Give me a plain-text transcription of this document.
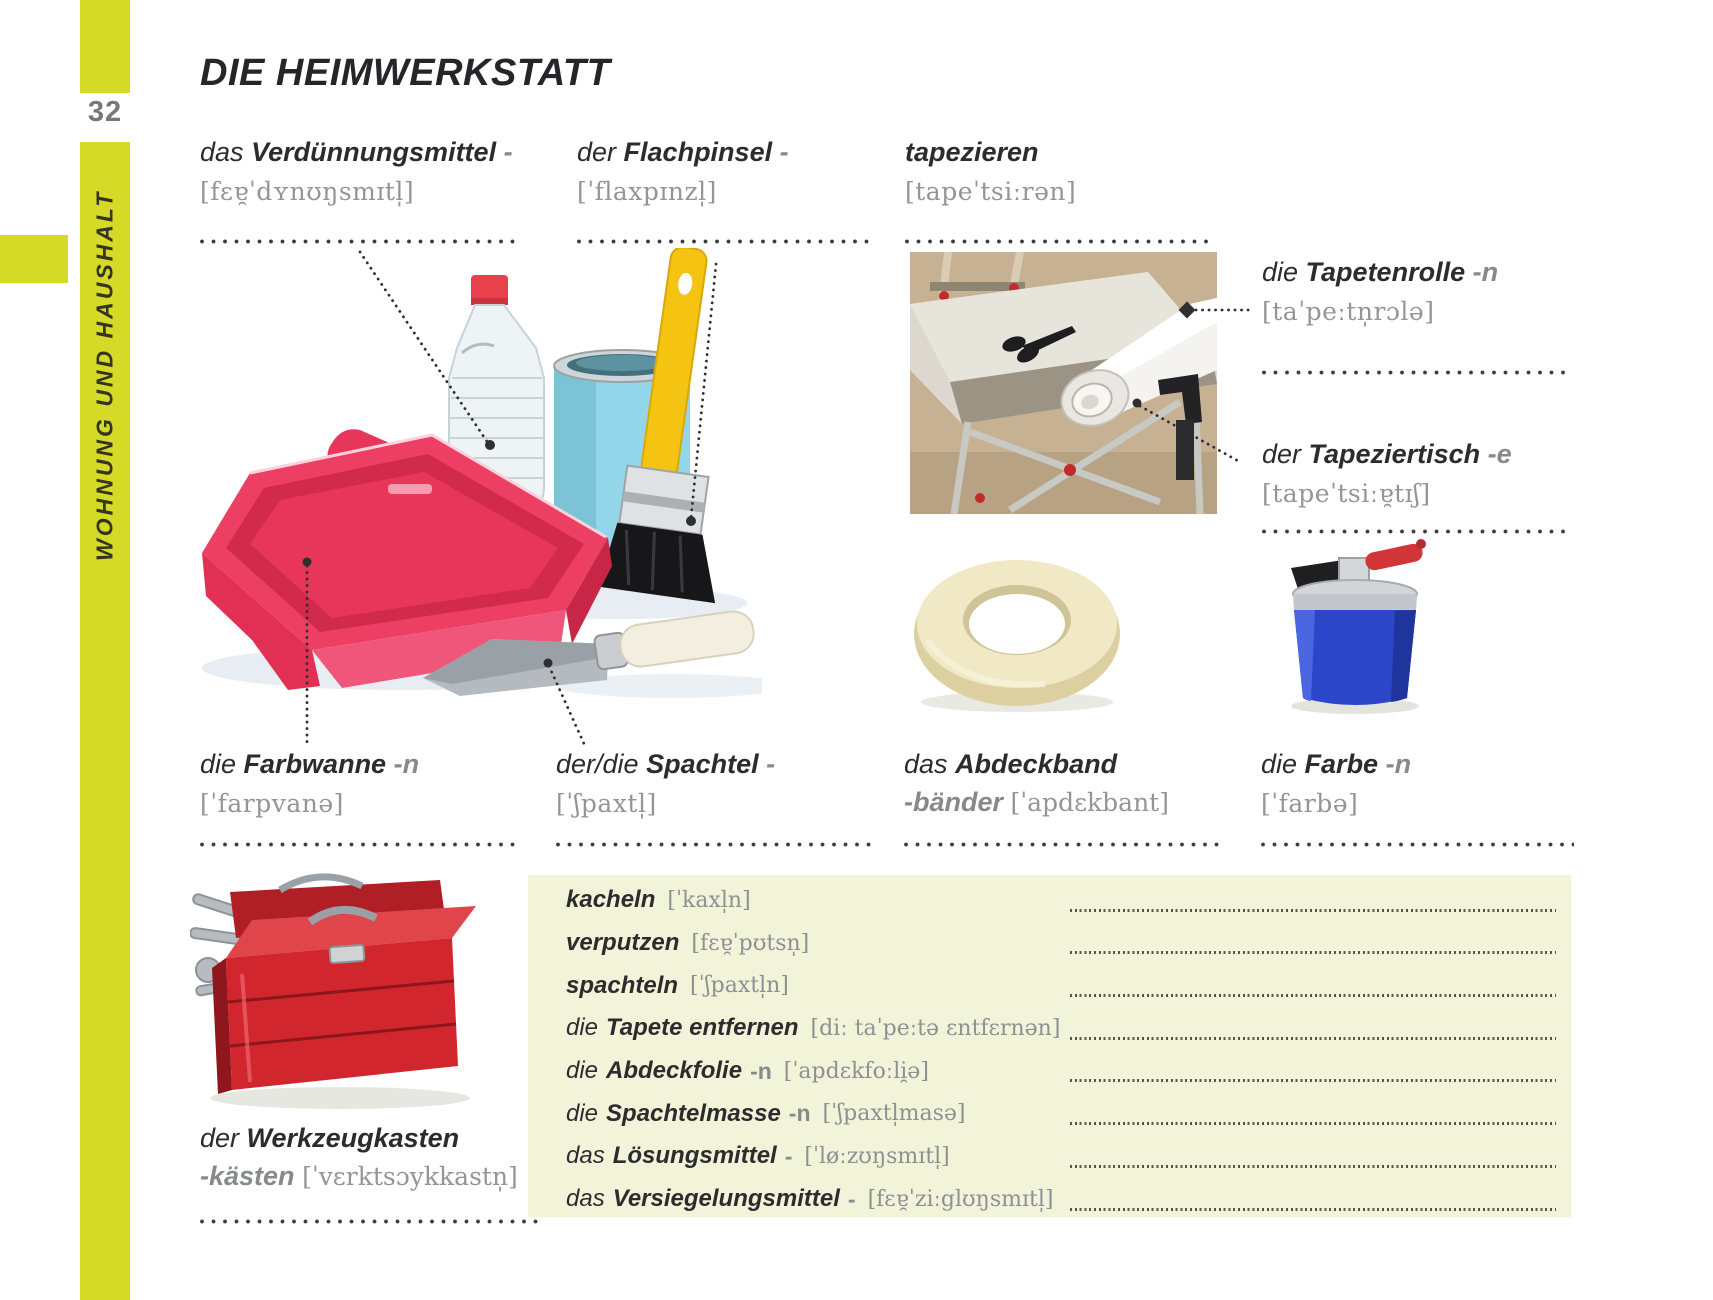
32
WOHNUNG UND HAUSHALT
DIE HEIMWERKSTATT

das Verdünnungsmittel -

[fɛɐ̯ˈdʏnʊŋsmɪtl̩]

der Flachpinsel -

[ˈflaxpɪnzl̩]

tapezieren

[tapeˈtsiːrən]

die Tapetenrolle -n

[taˈpeːtn̩rɔlə]

der Tapeziertisch -e

[tapeˈtsiːɐ̯tɪʃ]

die Farbwanne -n

[ˈfarpvanə]

der/die Spachtel -

[ˈʃpaxtl̩]

das Abdeckband

-bänder [ˈapdɛkbant]

die Farbe -n

[ˈfarbə]

der Werkzeugkasten

-kästen [ˈvɛrktsɔykkastn̩]

kacheln [ˈkaxl̩n]
verputzen [fɛɐ̯ˈpʊtsn̩]
spachteln [ˈʃpaxtl̩n]
die Tapete entfernen [diː taˈpeːtə ɛntfɛrnən]
die Abdeckfolie -n [ˈapdɛkfoːli̯ə]
die Spachtelmasse -n [ˈʃpaxtl̩masə]
das Lösungsmittel - [ˈløːzʊŋsmɪtl̩]
das Versiegelungsmittel - [fɛɐ̯ˈziːglʊŋsmɪtl̩]
